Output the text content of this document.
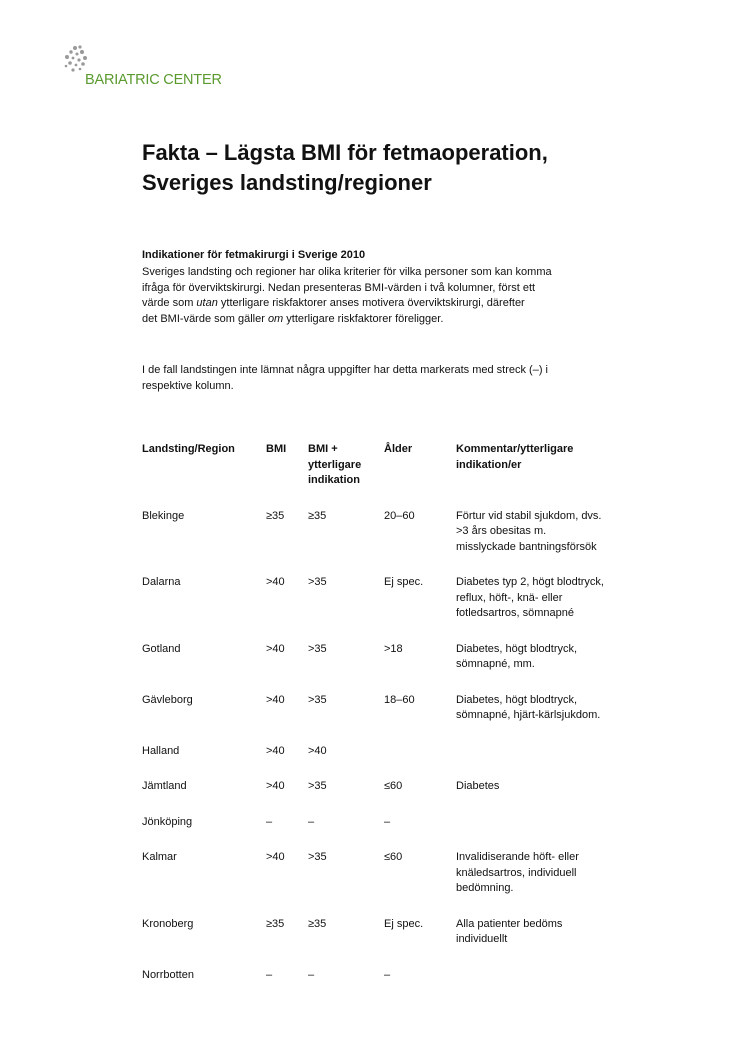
BARIATRIC CENTER
Fakta – Lägsta BMI för fetmaoperation,
Sveriges landsting/regioner

Indikationer för fetmakirurgi i Sverige 2010

Sveriges landsting och regioner har olika kriterier för vilka personer som kan komma
ifråga för överviktskirurgi. Nedan presenteras BMI-värden i två kolumner, först ett
värde som utan ytterligare riskfaktorer anses motivera överviktskirurgi, därefter
det BMI-värde som gäller om ytterligare riskfaktorer föreligger.

I de fall landstingen inte lämnat några uppgifter har detta markerats med streck (–) i
respektive kolumn.

Landsting/Region	BMI	BMI +
ytterligare
indikation	Ålder	Kommentar/ytterligare
indikation/er

Blekinge	≥35	≥35	20–60	Förtur vid stabil sjukdom, dvs.
>3 års obesitas m.
misslyckade bantningsförsök

Dalarna	>40	>35	Ej spec.	Diabetes typ 2, högt blodtryck,
reflux, höft-, knä- eller
fotledsartros, sömnapné

Gotland	>40	>35	>18	Diabetes, högt blodtryck,
sömnapné, mm.

Gävleborg	>40	>35	18–60	Diabetes, högt blodtryck,
sömnapné, hjärt-kärlsjukdom.

Halland	>40	>40		
Jämtland	>40	>35	≤60	Diabetes

Jönköping	–	–	–	
Kalmar	>40	>35	≤60	Invalidiserande höft- eller
knäledsartros, individuell
bedömning.

Kronoberg	≥35	≥35	Ej spec.	Alla patienter bedöms
individuellt

Norrbotten	–	–	–	
